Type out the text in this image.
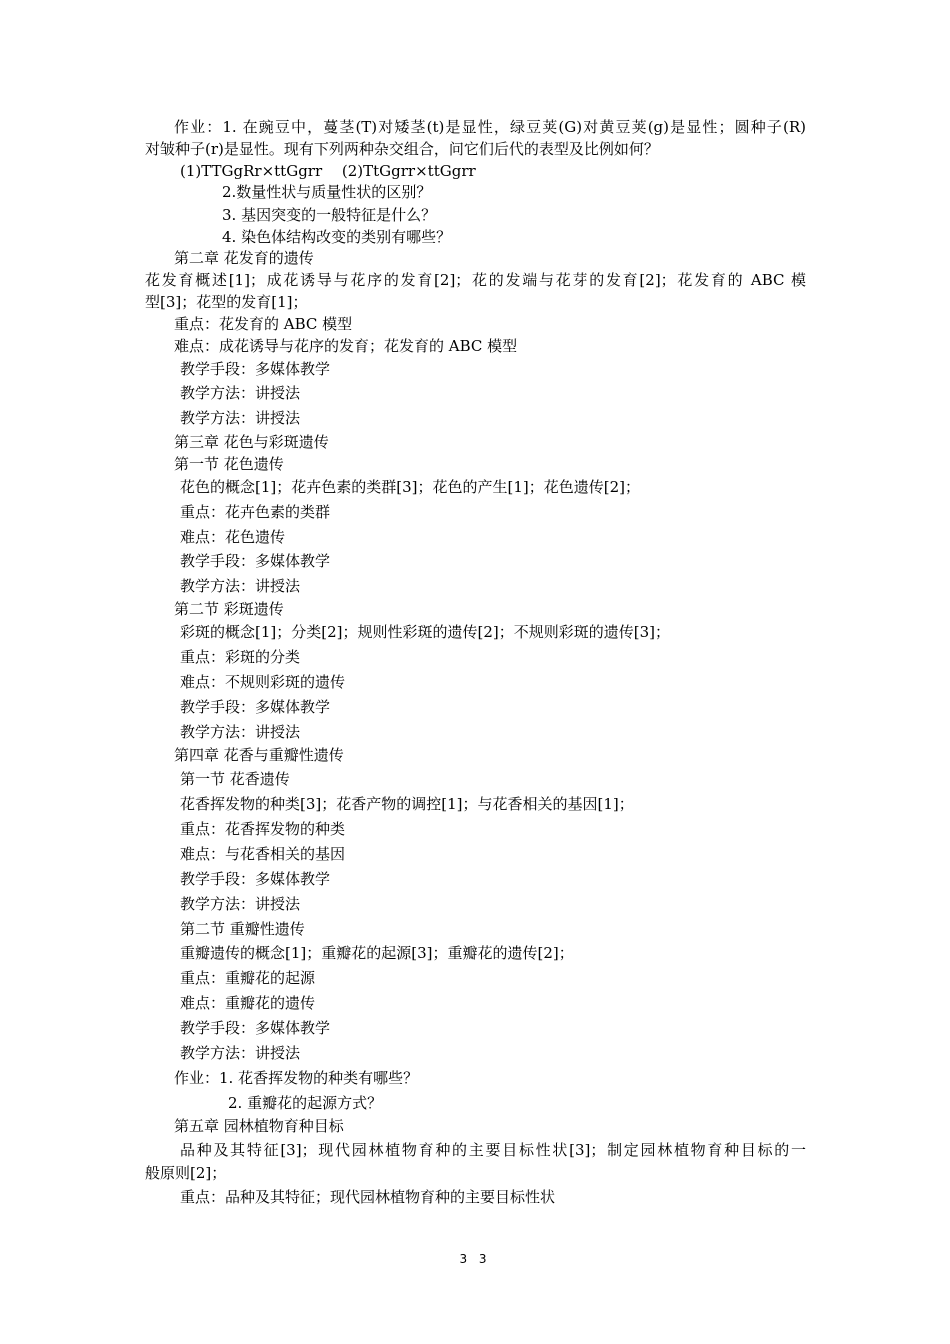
作业：1. 在豌豆中，蔓茎(T)对矮茎(t)是显性，绿豆荚(G)对黄豆荚(g)是显性；圆种子(R)
对皱种子(r)是显性。现有下列两种杂交组合，问它们后代的表型及比例如何？
(1)TTGgRr×ttGgrr　 (2)TtGgrr×ttGgrr
2.数量性状与质量性状的区别？
3. 基因突变的一般特征是什么？
4. 染色体结构改变的类别有哪些？
第二章 花发育的遗传
花发育概述[1]；成花诱导与花序的发育[2]；花的发端与花芽的发育[2]；花发育的 ABC 模
型[3]；花型的发育[1]；
重点：花发育的 ABC 模型
难点：成花诱导与花序的发育；花发育的 ABC 模型
教学手段：多媒体教学
教学方法：讲授法
教学方法：讲授法
第三章 花色与彩斑遗传
第一节 花色遗传
花色的概念[1]；花卉色素的类群[3]；花色的产生[1]；花色遗传[2]；
重点：花卉色素的类群
难点：花色遗传
教学手段：多媒体教学
教学方法：讲授法
第二节 彩斑遗传
彩斑的概念[1]；分类[2]；规则性彩斑的遗传[2]；不规则彩斑的遗传[3]；
重点：彩斑的分类
难点：不规则彩斑的遗传
教学手段：多媒体教学
教学方法：讲授法
第四章 花香与重瓣性遗传
第一节 花香遗传
花香挥发物的种类[3]；花香产物的调控[1]；与花香相关的基因[1]；
重点：花香挥发物的种类
难点：与花香相关的基因
教学手段：多媒体教学
教学方法：讲授法
第二节 重瓣性遗传
重瓣遗传的概念[1]；重瓣花的起源[3]；重瓣花的遗传[2]；
重点：重瓣花的起源
难点：重瓣花的遗传
教学手段：多媒体教学
教学方法：讲授法
作业：1. 花香挥发物的种类有哪些？
2. 重瓣花的起源方式？
第五章 园林植物育种目标
品种及其特征[3]；现代园林植物育种的主要目标性状[3]；制定园林植物育种目标的一
般原则[2]；
重点：品种及其特征；现代园林植物育种的主要目标性状
3 3
